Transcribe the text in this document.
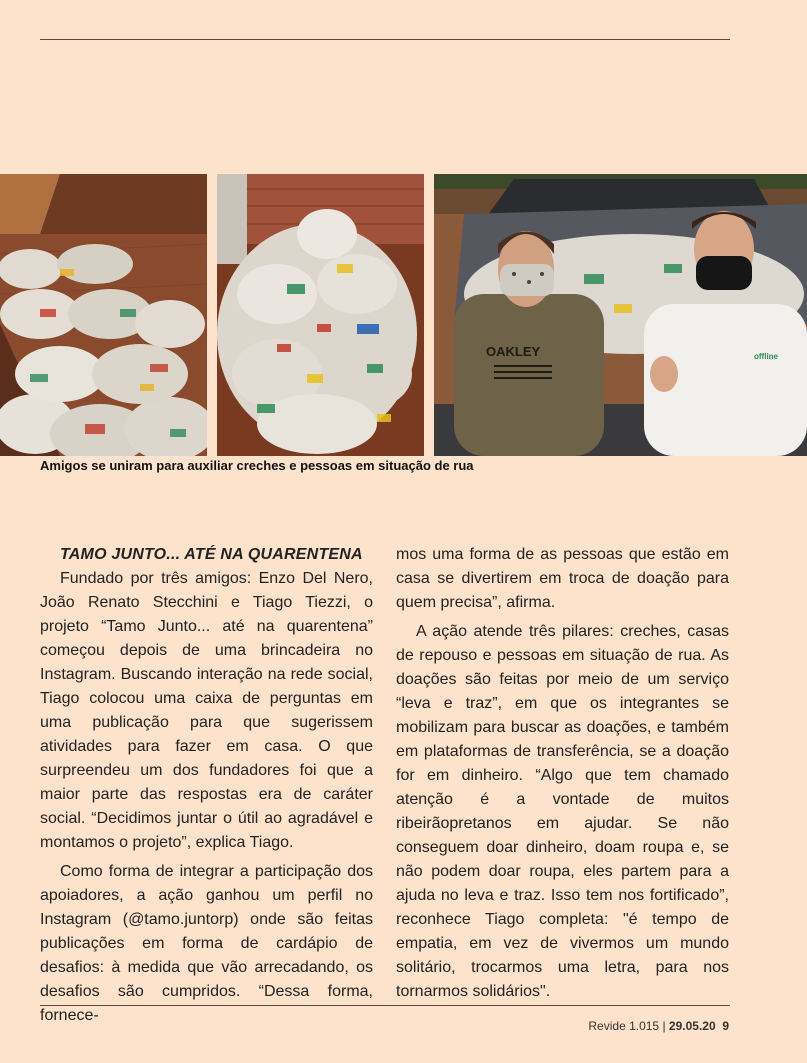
OAKLEY	offline
Amigos se uniram para auxiliar creches e pessoas em situação de rua
TAMO JUNTO... ATÉ NA QUARENTENA

Fundado por três amigos: Enzo Del Nero, João Renato Stecchini e Tiago Tiezzi, o projeto “Tamo Junto... até na quarentena” começou depois de uma brincadeira no Instagram. Buscando interação na rede social, Tiago colocou uma caixa de perguntas em uma publicação para que sugerissem atividades para fazer em casa. O que surpreendeu um dos fundadores foi que a maior parte das respostas era de caráter social. “Decidimos juntar o útil ao agradável e montamos o projeto”, explica Tiago.

Como forma de integrar a participação dos apoiadores, a ação ganhou um perfil no Instagram (@tamo.juntorp) onde são feitas publicações em forma de cardápio de desafios: à medida que vão arrecadando, os desafios são cumpridos. “Dessa forma, fornece-

mos uma forma de as pessoas que estão em casa se divertirem em troca de doação para quem precisa”, afirma.

A ação atende três pilares: creches, casas de repouso e pessoas em situação de rua. As doações são feitas por meio de um serviço “leva e traz”, em que os integrantes se mobilizam para buscar as doações, e também em plataformas de transferência, se a doação for em dinheiro. “Algo que tem chamado atenção é a vontade de muitos ribeirãopretanos em ajudar. Se não conseguem doar dinheiro, doam roupa e, se não podem doar roupa, eles partem para a ajuda no leva e traz. Isso tem nos fortificado”, reconhece Tiago completa: "é tempo de empatia, em vez de vivermos um mundo solitário, trocarmos uma letra, para nos tornarmos solidários".

Revide 1.015 | 29.05.20 9
